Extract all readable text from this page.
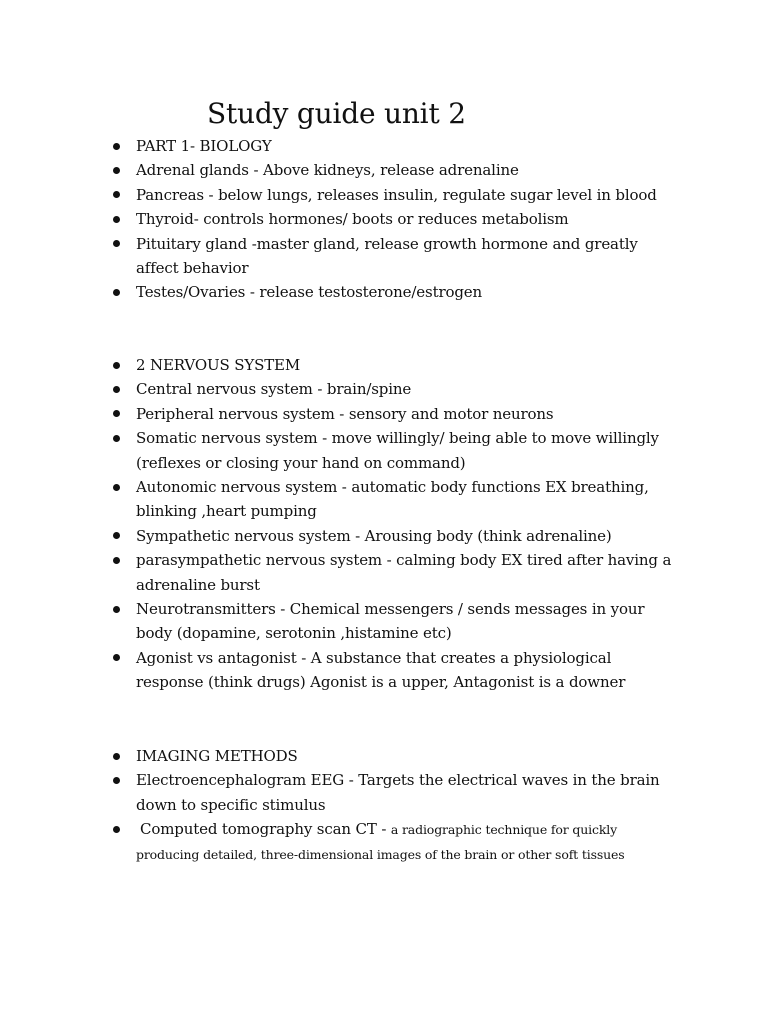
Study guide unit 2
PART 1- BIOLOGY
Adrenal glands - Above kidneys, release adrenaline
Pancreas - below lungs, releases insulin, regulate sugar level in blood
Thyroid- controls hormones/ boots or reduces metabolism
Pituitary gland -master gland, release growth hormone and greatly affect behavior
Testes/Ovaries - release testosterone/estrogen
2 NERVOUS SYSTEM
Central nervous system - brain/spine
Peripheral nervous system - sensory and motor neurons
Somatic nervous system - move willingly/ being able to move willingly (reflexes or closing your hand on command)
Autonomic nervous system - automatic body functions EX breathing, blinking ,heart pumping
Sympathetic nervous system - Arousing body (think adrenaline)
parasympathetic nervous system - calming body EX tired after having a adrenaline burst
Neurotransmitters - Chemical messengers / sends messages in your body (dopamine, serotonin ,histamine etc)
Agonist vs antagonist - A substance that creates a physiological response (think drugs) Agonist is a upper, Antagonist is a downer
IMAGING METHODS
Electroencephalogram EEG - Targets the electrical waves in the brain down to specific stimulus
Computed tomography scan CT - a radiographic technique for quickly producing detailed, three-dimensional images of the brain or other soft tissues
